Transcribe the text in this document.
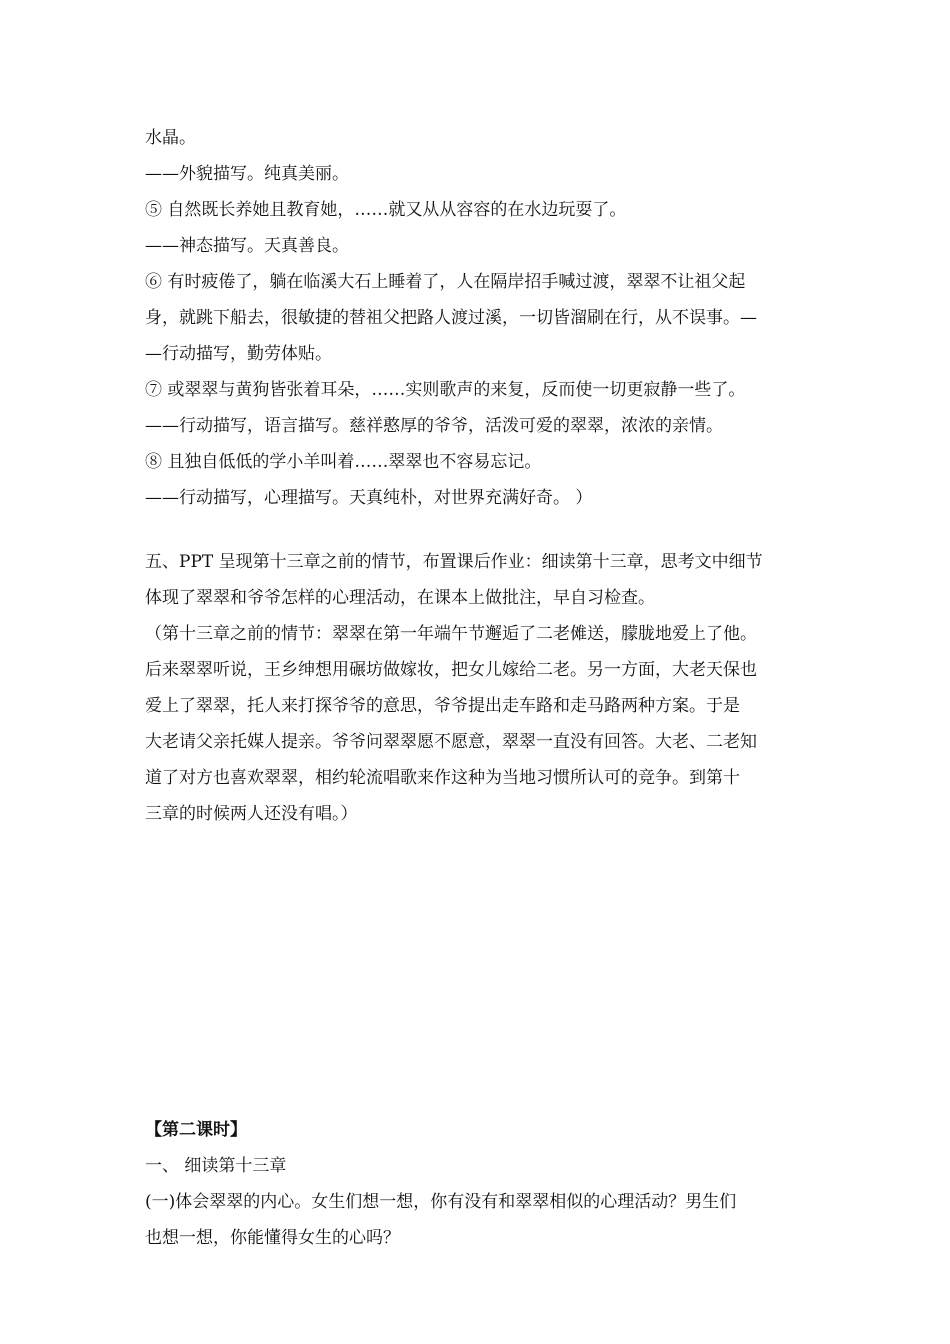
水晶。
——外貌描写。纯真美丽。
⑤ 自然既长养她且教育她，……就又从从容容的在水边玩耍了。
——神态描写。天真善良。
⑥ 有时疲倦了，躺在临溪大石上睡着了，人在隔岸招手喊过渡，翠翠不让祖父起
身，就跳下船去，很敏捷的替祖父把路人渡过溪，一切皆溜刷在行，从不误事。—
—行动描写，勤劳体贴。
⑦ 或翠翠与黄狗皆张着耳朵，……实则歌声的来复，反而使一切更寂静一些了。
——行动描写，语言描写。慈祥憨厚的爷爷，活泼可爱的翠翠，浓浓的亲情。
⑧ 且独自低低的学小羊叫着……翠翠也不容易忘记。
——行动描写，心理描写。天真纯朴，对世界充满好奇。 ）
五、PPT 呈现第十三章之前的情节，布置课后作业：细读第十三章，思考文中细节
体现了翠翠和爷爷怎样的心理活动，在课本上做批注，早自习检查。
（第十三章之前的情节：翠翠在第一年端午节邂逅了二老傩送，朦胧地爱上了他。
后来翠翠听说，王乡绅想用碾坊做嫁妆，把女儿嫁给二老。另一方面，大老天保也
爱上了翠翠，托人来打探爷爷的意思，爷爷提出走车路和走马路两种方案。于是
大老请父亲托媒人提亲。爷爷问翠翠愿不愿意，翠翠一直没有回答。大老、二老知
道了对方也喜欢翠翠，相约轮流唱歌来作这种为当地习惯所认可的竞争。到第十
三章的时候两人还没有唱。）
【第二课时】
一、 细读第十三章
(一)体会翠翠的内心。女生们想一想，你有没有和翠翠相似的心理活动？男生们
也想一想，你能懂得女生的心吗？
